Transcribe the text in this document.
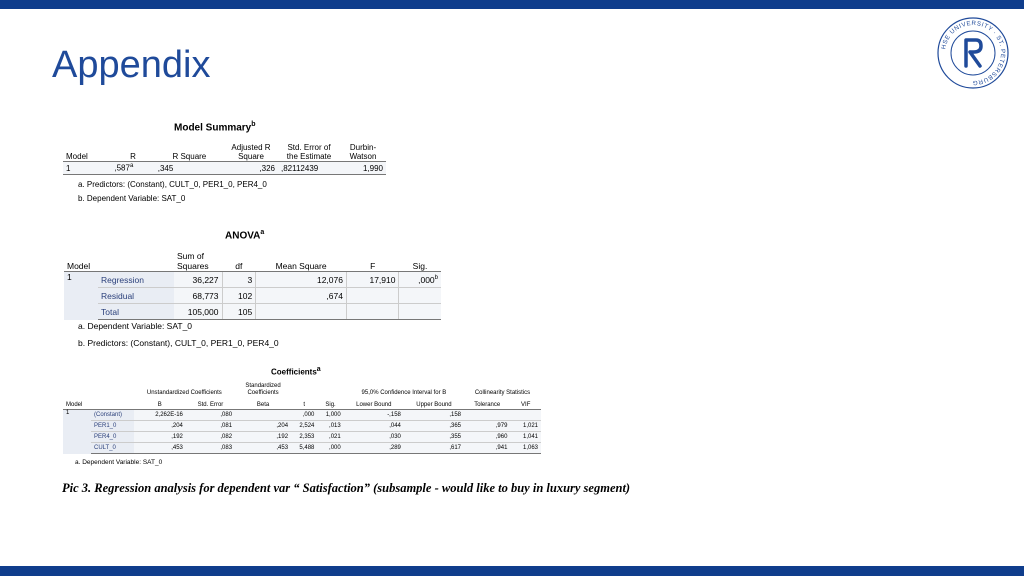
Appendix	HSE UNIVERSITY · ST. PETERSBURG
Model Summary$^b$
Model	R	R Square	Adjusted R Square	Std. Error of the Estimate	Durbin-Watson
1	,587$^a$	,345	,326	,82112439	1,990
a. Predictors: (Constant), CULT_0, PER1_0, PER4_0
b. Dependent Variable: SAT_0
ANOVA$^a$
Model		Sum of Squares	df	Mean Square	F	Sig.
1	Regression	36,227	3	12,076	17,910	,000$^b$
	Residual	68,773	102	,674		
	Total	105,000	105			
a. Dependent Variable: SAT_0
b. Predictors: (Constant), CULT_0, PER1_0, PER4_0
Coefficients$^a$
		Unstandardized Coefficients		Standardized Coefficients			95,0% Confidence Interval for B		Collinearity Statistics	
Model		B	Std. Error	Beta	t	Sig.	Lower Bound	Upper Bound	Tolerance	VIF
1	(Constant)	2,262E-16	,080		,000	1,000	-,158	,158		
	PER1_0	,204	,081	,204	2,524	,013	,044	,365	,979	1,021
	PER4_0	,192	,082	,192	2,353	,021	,030	,355	,960	1,041
	CULT_0	,453	,083	,453	5,488	,000	,289	,617	,941	1,063
a. Dependent Variable: SAT_0
Pic 3. Regression analysis for dependent var “ Satisfaction” (subsample - would like to buy in luxury segment)
